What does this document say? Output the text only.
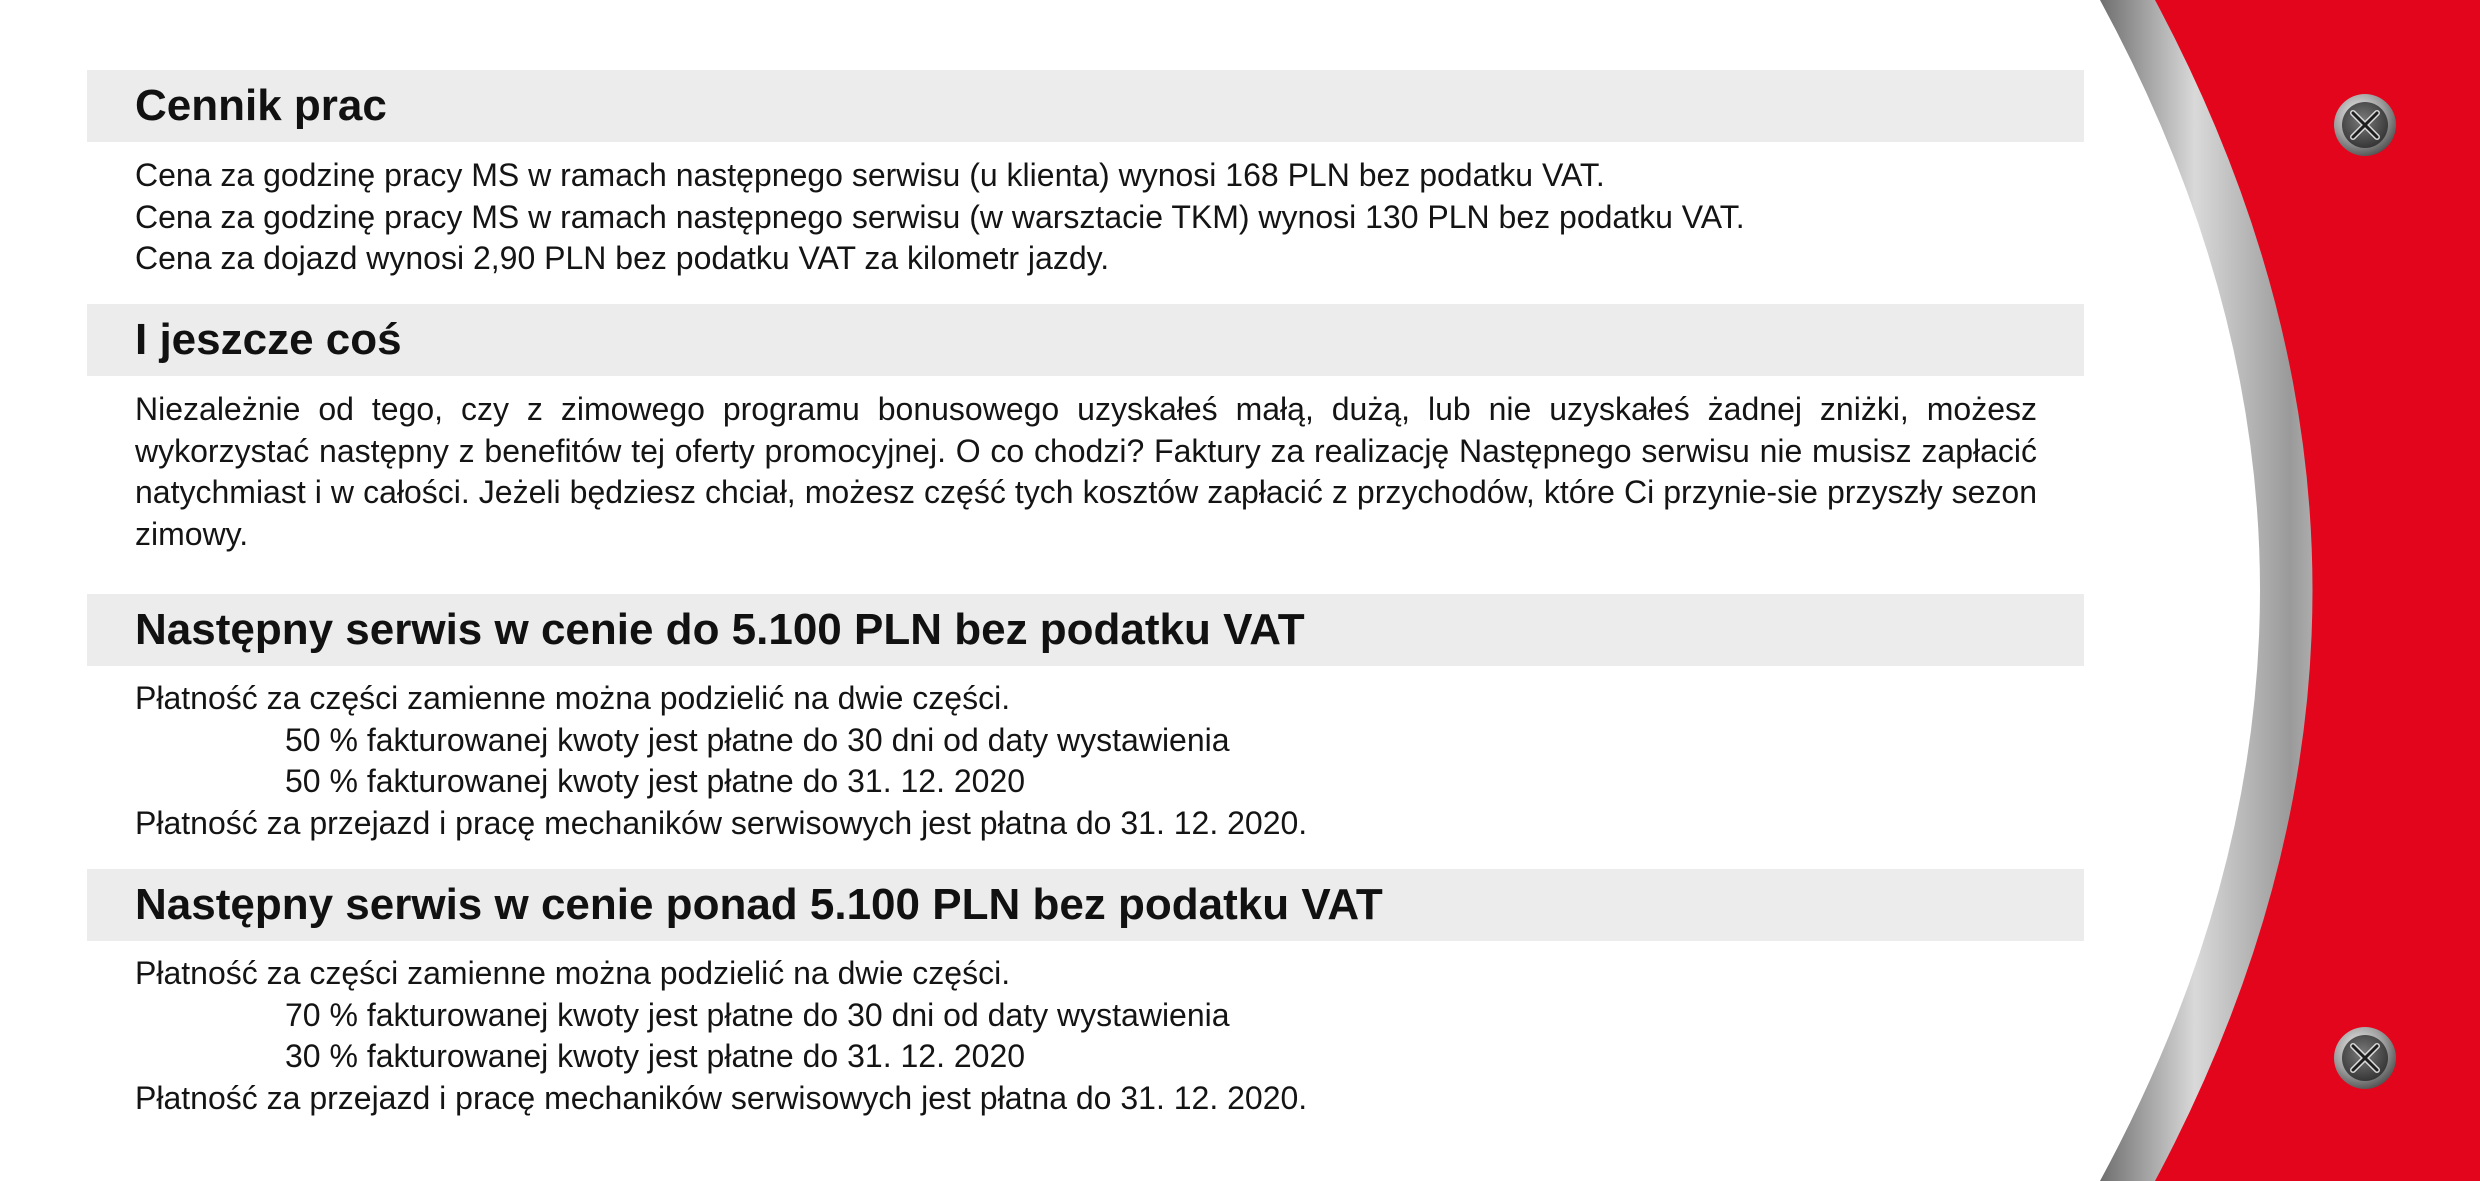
Cennik prac
Cena za godzinę pracy MS w ramach następnego serwisu (u klienta) wynosi 168 PLN bez podatku VAT.
Cena za godzinę pracy MS w ramach następnego serwisu (w warsztacie TKM) wynosi 130 PLN bez podatku VAT.
Cena za dojazd wynosi 2,90 PLN bez podatku VAT za kilometr jazdy.
I jeszcze coś
Niezależnie od tego, czy z zimowego programu bonusowego uzyskałeś małą, dużą, lub nie uzyskałeś żadnej zniżki, możesz wykorzystać następny z benefitów tej oferty promocyjnej. O co chodzi? Faktury za realizację Następnego serwisu nie musisz zapłacić natychmiast i w całości. Jeżeli będziesz chciał, możesz część tych kosztów zapłacić z przychodów, które Ci przynie-sie przyszły sezon zimowy.
Następny serwis w cenie do 5.100 PLN bez podatku VAT
Płatność za części zamienne można podzielić na dwie części.
50 % fakturowanej kwoty jest płatne do 30 dni od daty wystawienia
50 % fakturowanej kwoty jest płatne do 31. 12. 2020
Płatność za przejazd i pracę mechaników serwisowych jest płatna do 31. 12. 2020.
Następny serwis w cenie ponad 5.100 PLN bez podatku VAT
Płatność za części zamienne można podzielić na dwie części.
70 % fakturowanej kwoty jest płatne do 30 dni od daty wystawienia
30 % fakturowanej kwoty jest płatne do 31. 12. 2020
Płatność za przejazd i pracę mechaników serwisowych jest płatna do 31. 12. 2020.
